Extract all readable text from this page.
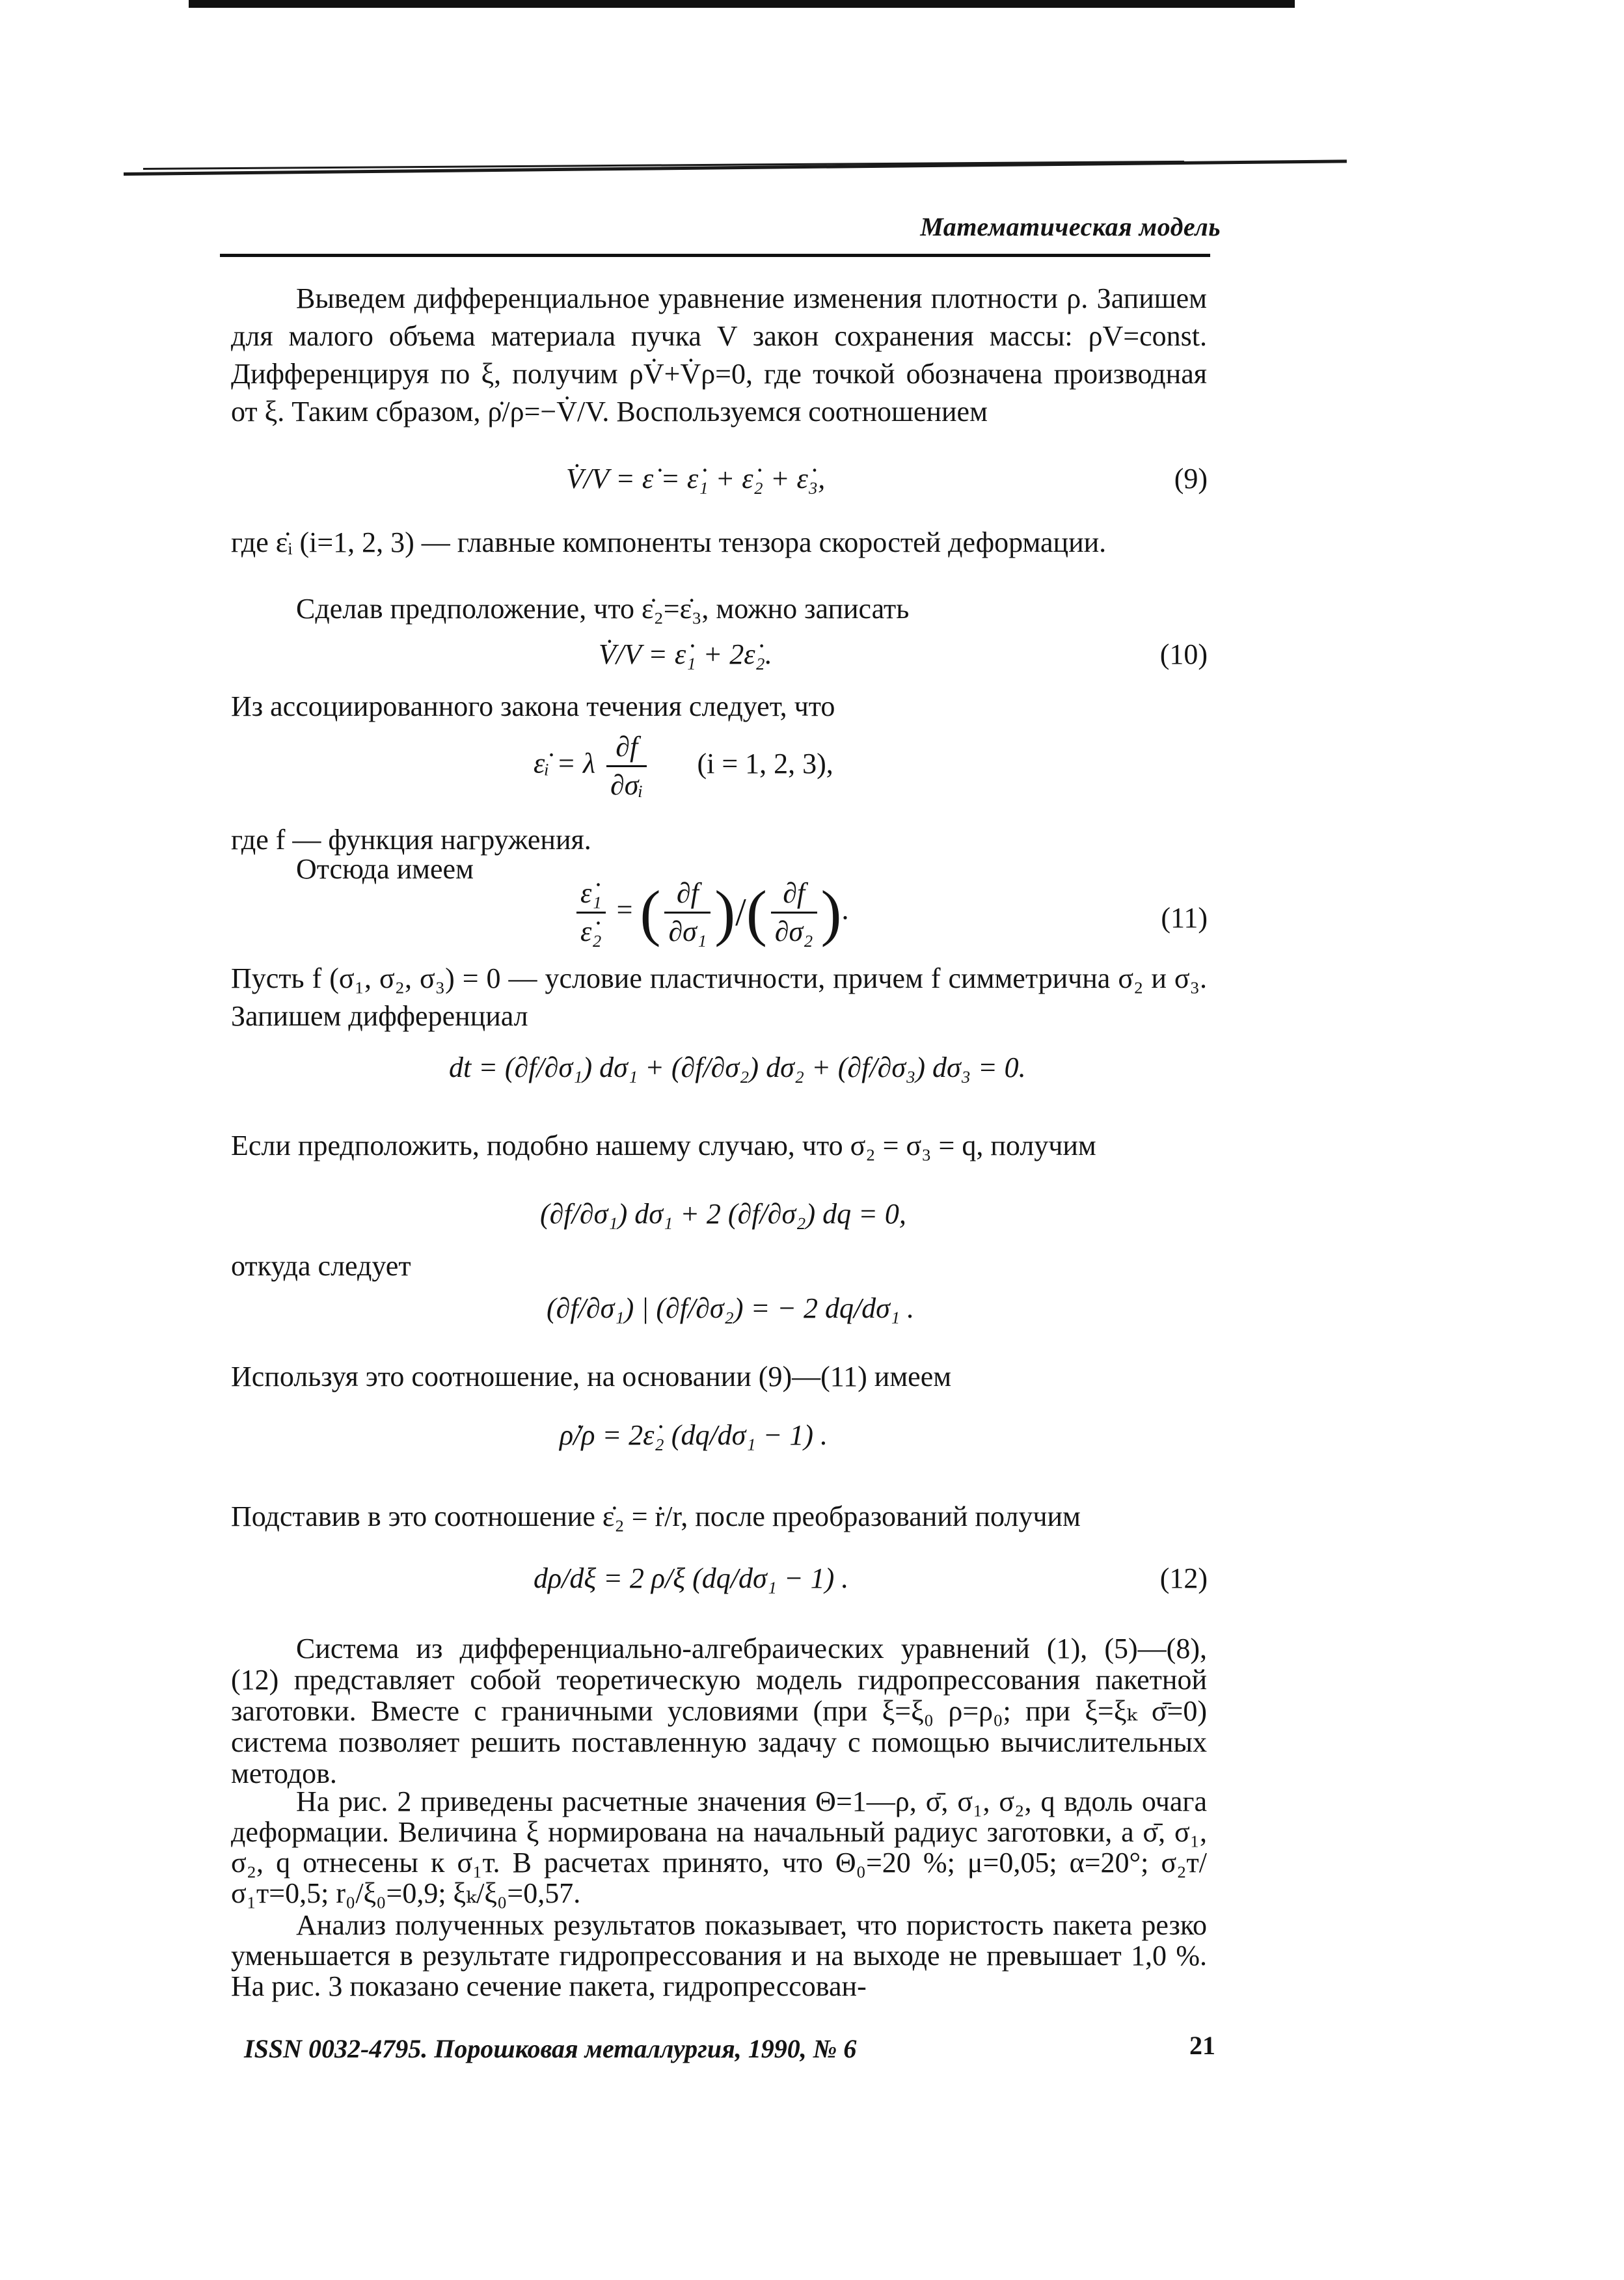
Математическая модель
Выведем дифференциальное уравнение изменения плотности ρ. Запишем для малого объема материала пучка V закон сохранения массы: ρV=const. Дифференцируя по ξ, получим ρV̇+V̇ρ=0, где точкой обозначена производная от ξ. Таким сбразом, ρ̇/ρ=−V̇/V. Воспользуемся соотношением
V̇/V = ε̇ = ε̇₁ + ε̇₂ + ε̇₃,	(9)
где ε̇ᵢ (i=1, 2, 3) — главные компоненты тензора скоростей деформации.
Сделав предположение, что ε̇₂=ε̇₃, можно записать
V̇/V = ε̇₁ + 2ε̇₂.	(10)
Из ассоциированного закона течения следует, что
ε̇ᵢ = λ $\frac{\partial f}{\text{∂σᵢ}} (i = 1$, 2, 3),
где f — функция нагружения.
Отсюда имеем
$\frac{\text{ε̇₁}}{\text{ε̇₂}}$ = ( $\frac{\partial f}{\text{∂σ₁}}$ )/( $\frac{\partial f}{\text{∂σ₂}}$ ).	(11)
Пусть f (σ₁, σ₂, σ₃) = 0 — условие пластичности, причем f симметрична σ₂ и σ₃. Запишем дифференциал
dt = (∂f/∂σ₁) dσ₁ + (∂f/∂σ₂) dσ₂ + (∂f/∂σ₃) dσ₃ = 0.
Если предположить, подобно нашему случаю, что σ₂ = σ₃ = q, получим
(∂f/∂σ₁) dσ₁ + 2 (∂f/∂σ₂) dq = 0,
откуда следует
(∂f/∂σ₁) | (∂f/∂σ₂) = − 2 dq/dσ₁ .
Используя это соотношение, на основании (9)—(11) имеем
ρ̇/ρ = 2ε̇₂ (dq/dσ₁ − 1) .
Подставив в это соотношение ε̇₂ = ṙ/r, после преобразований получим
dρ/dξ = 2 ρ/ξ (dq/dσ₁ − 1) .	(12)
Система из дифференциально-алгебраических уравнений (1), (5)—(8), (12) представляет собой теоретическую модель гидропрессования пакетной заготовки. Вместе с граничными условиями (при ξ=ξ₀ ρ=ρ₀; при ξ=ξₖ σ̄=0) система позволяет решить поставленную задачу с помощью вычислительных методов.
На рис. 2 приведены расчетные значения Θ=1—ρ, σ̄, σ₁, σ₂, q вдоль очага деформации. Величина ξ нормирована на начальный радиус заготовки, а σ̄, σ₁, σ₂, q отнесены к σ₁т. В расчетах принято, что Θ₀=20 %; μ=0,05; α=20°; σ₂т/σ₁т=0,5; r₀/ξ₀=0,9; ξₖ/ξ₀=0,57.
Анализ полученных результатов показывает, что пористость пакета резко уменьшается в результате гидропрессования и на выходе не превышает 1,0 %. На рис. 3 показано сечение пакета, гидропрессован-
ISSN 0032-4795. Порошковая металлургия, 1990, № 6	21
